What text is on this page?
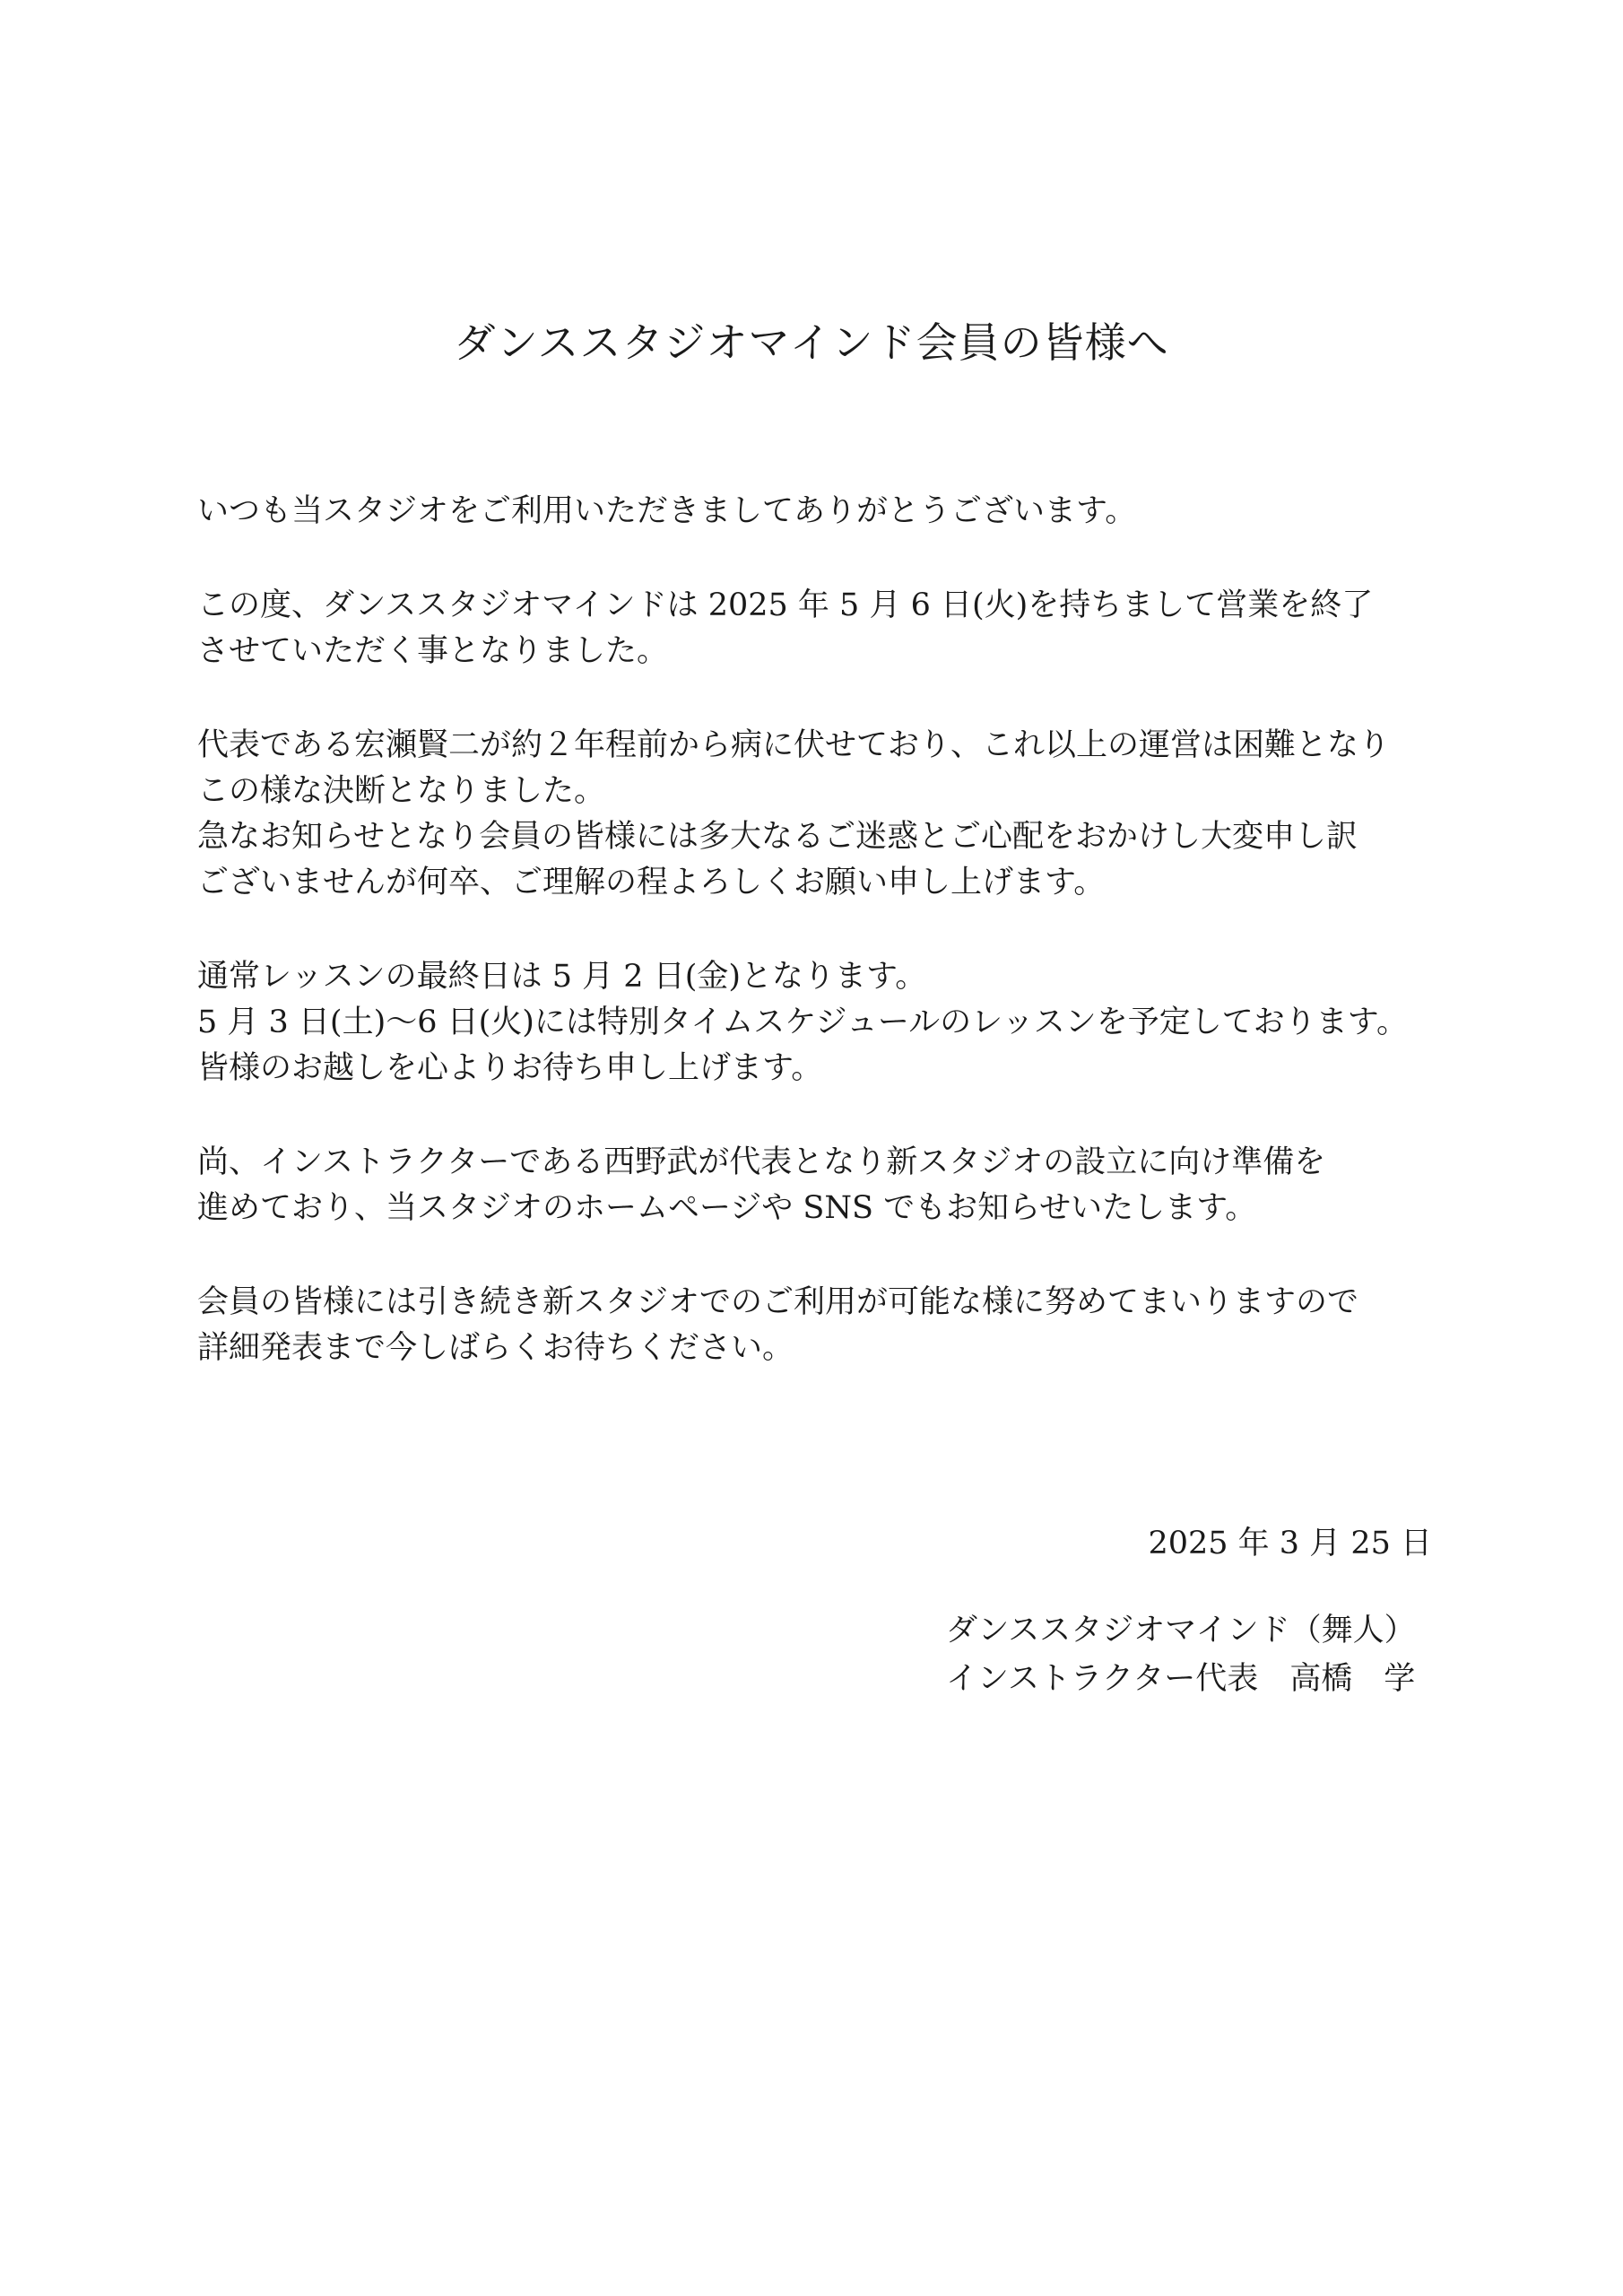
ダンススタジオマインド会員の皆様へ
いつも当スタジオをご利用いただきましてありがとうございます。
この度、ダンススタジオマインドは 2025 年 5 月 6 日(火)を持ちまして営業を終了
させていただく事となりました。
代表である宏瀬賢二が約２年程前から病に伏せており、これ以上の運営は困難となり
この様な決断となりました。
急なお知らせとなり会員の皆様には多大なるご迷惑とご心配をおかけし大変申し訳
ございませんが何卒、ご理解の程よろしくお願い申し上げます。
通常レッスンの最終日は 5 月 2 日(金)となります。
5 月 3 日(土)～6 日(火)には特別タイムスケジュールのレッスンを予定しております。
皆様のお越しを心よりお待ち申し上げます。
尚、インストラクターである西野武が代表となり新スタジオの設立に向け準備を
進めており、当スタジオのホームページや SNS でもお知らせいたします。
会員の皆様には引き続き新スタジオでのご利用が可能な様に努めてまいりますので
詳細発表まで今しばらくお待ちください。
2025 年 3 月 25 日
ダンススタジオマインド（舞人）
インストラクター代表　高橋　学
